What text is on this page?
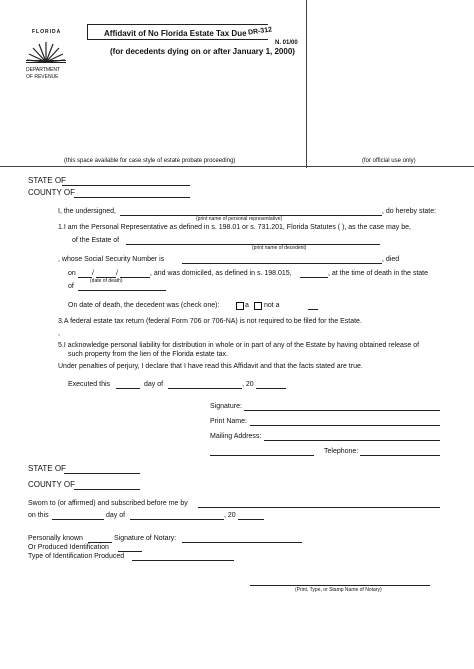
FLORIDA
DEPARTMENT
OF REVENUE
Affidavit of No Florida Estate Tax Due DR-312
N. 01/00
(for decedents dying on or after January 1, 2000)
(this space available for case style of estate probate proceeding)	(for official use only)
STATE OF
COUNTY OF
I, the undersigned,	, do hereby state:
(print name of personal representative)
1.I am the Personal Representative as defined in s. 198.01 or s. 731.201, Florida Statutes ( ), as the case may be,
of the Estate of
(print name of decedent)
, whose Social Security Number is	, died
on /	/	, and was domiciled, as defined in s. 198.015,	, at the time of death in the state
(date of death)
of
On date of death, the decedent was (check one):	a not a
3.A federal estate tax return (federal Form 706 or 706-NA) is not required to be filed for the Estate.
,
5.I acknowledge personal liability for distribution in whole or in part of any of the Estate by having obtained release of
such property from the lien of the Florida estate tax.
Under penalties of perjury, I declare that I have read this Affidavit and that the facts stated are true.
Executed this	day of	, 20
Signature:
Print Name:
Mailing Address:
Telephone:
STATE OF
COUNTY OF
Sworn to (or affirmed) and subscribed before me by
on this	day of	, 20
Personally known	Signature of Notary:
Or Produced Identification
Type of Identification Produced
(Print, Type, or Stamp Name of Notary)
